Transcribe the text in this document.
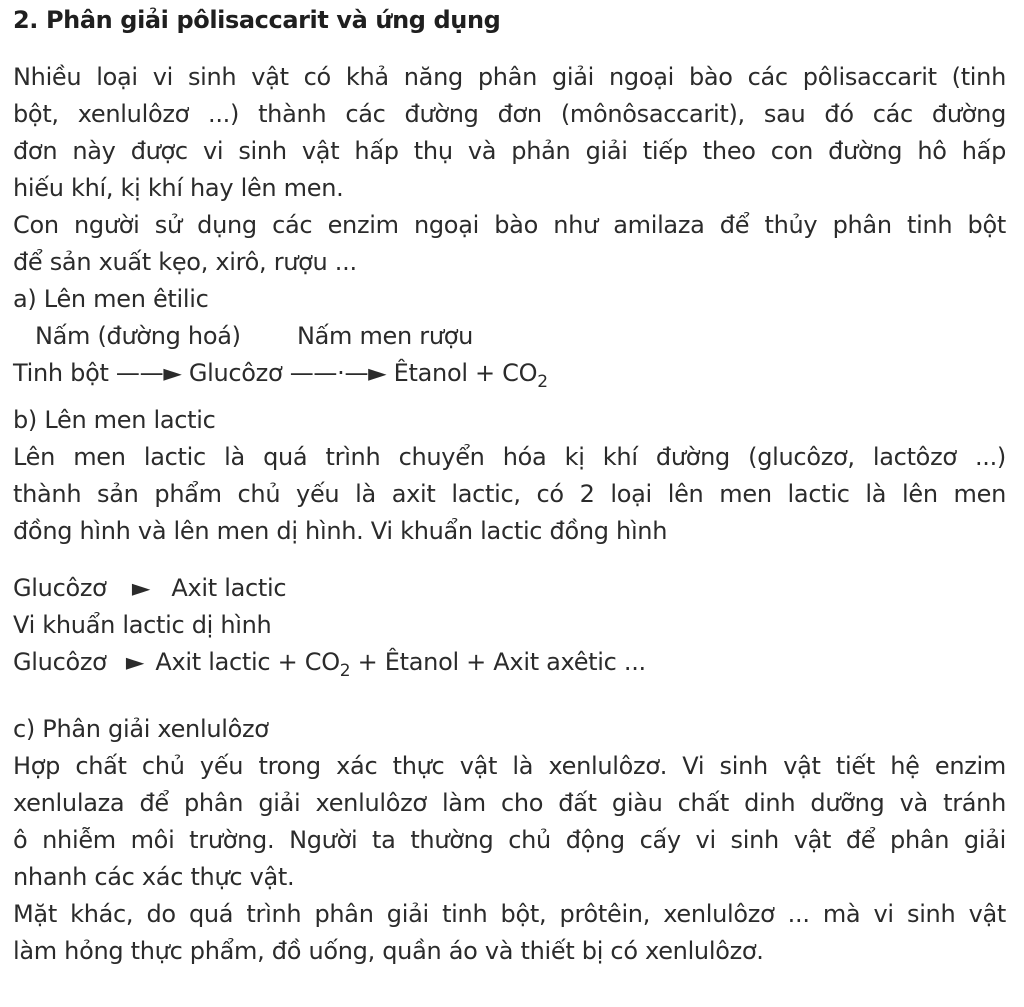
2. Phân giải pôlisaccarit và ứng dụng
Nhiều loại vi sinh vật có khả năng phân giải ngoại bào các pôlisaccarit (tinh
bột, xenlulôzơ ...) thành các đường đơn (mônôsaccarit), sau đó các đường
đơn này được vi sinh vật hấp thụ và phản giải tiếp theo con đường hô hấp
hiếu khí, kị khí hay lên men.
Con người sử dụng các enzim ngoại bào như amilaza để thủy phân tinh bột
để sản xuất kẹo, xirô, rượu ...
a) Lên men êtilic
Nấm (đường hoá) Nấm men rượu
Tinh bột ——► Glucôzơ ——·—► Êtanol + $CO_2$
b) Lên men lactic
Lên men lactic là quá trình chuyển hóa kị khí đường (glucôzơ, lactôzơ ...)
thành sản phẩm chủ yếu là axit lactic, có 2 loại lên men lactic là lên men
đồng hình và lên men dị hình. Vi khuẩn lactic đồng hình
Glucôzơ ► Axit lactic
Vi khuẩn lactic dị hình
Glucôzơ ► Axit lactic + $CO_2$ + Êtanol + Axit axêtic ...
c) Phân giải xenlulôzơ
Hợp chất chủ yếu trong xác thực vật là xenlulôzơ. Vi sinh vật tiết hệ enzim
xenlulaza để phân giải xenlulôzơ làm cho đất giàu chất dinh dưỡng và tránh
ô nhiễm môi trường. Người ta thường chủ động cấy vi sinh vật để phân giải
nhanh các xác thực vật.
Mặt khác, do quá trình phân giải tinh bột, prôtêin, xenlulôzơ ... mà vi sinh vật
làm hỏng thực phẩm, đồ uống, quần áo và thiết bị có xenlulôzơ.
